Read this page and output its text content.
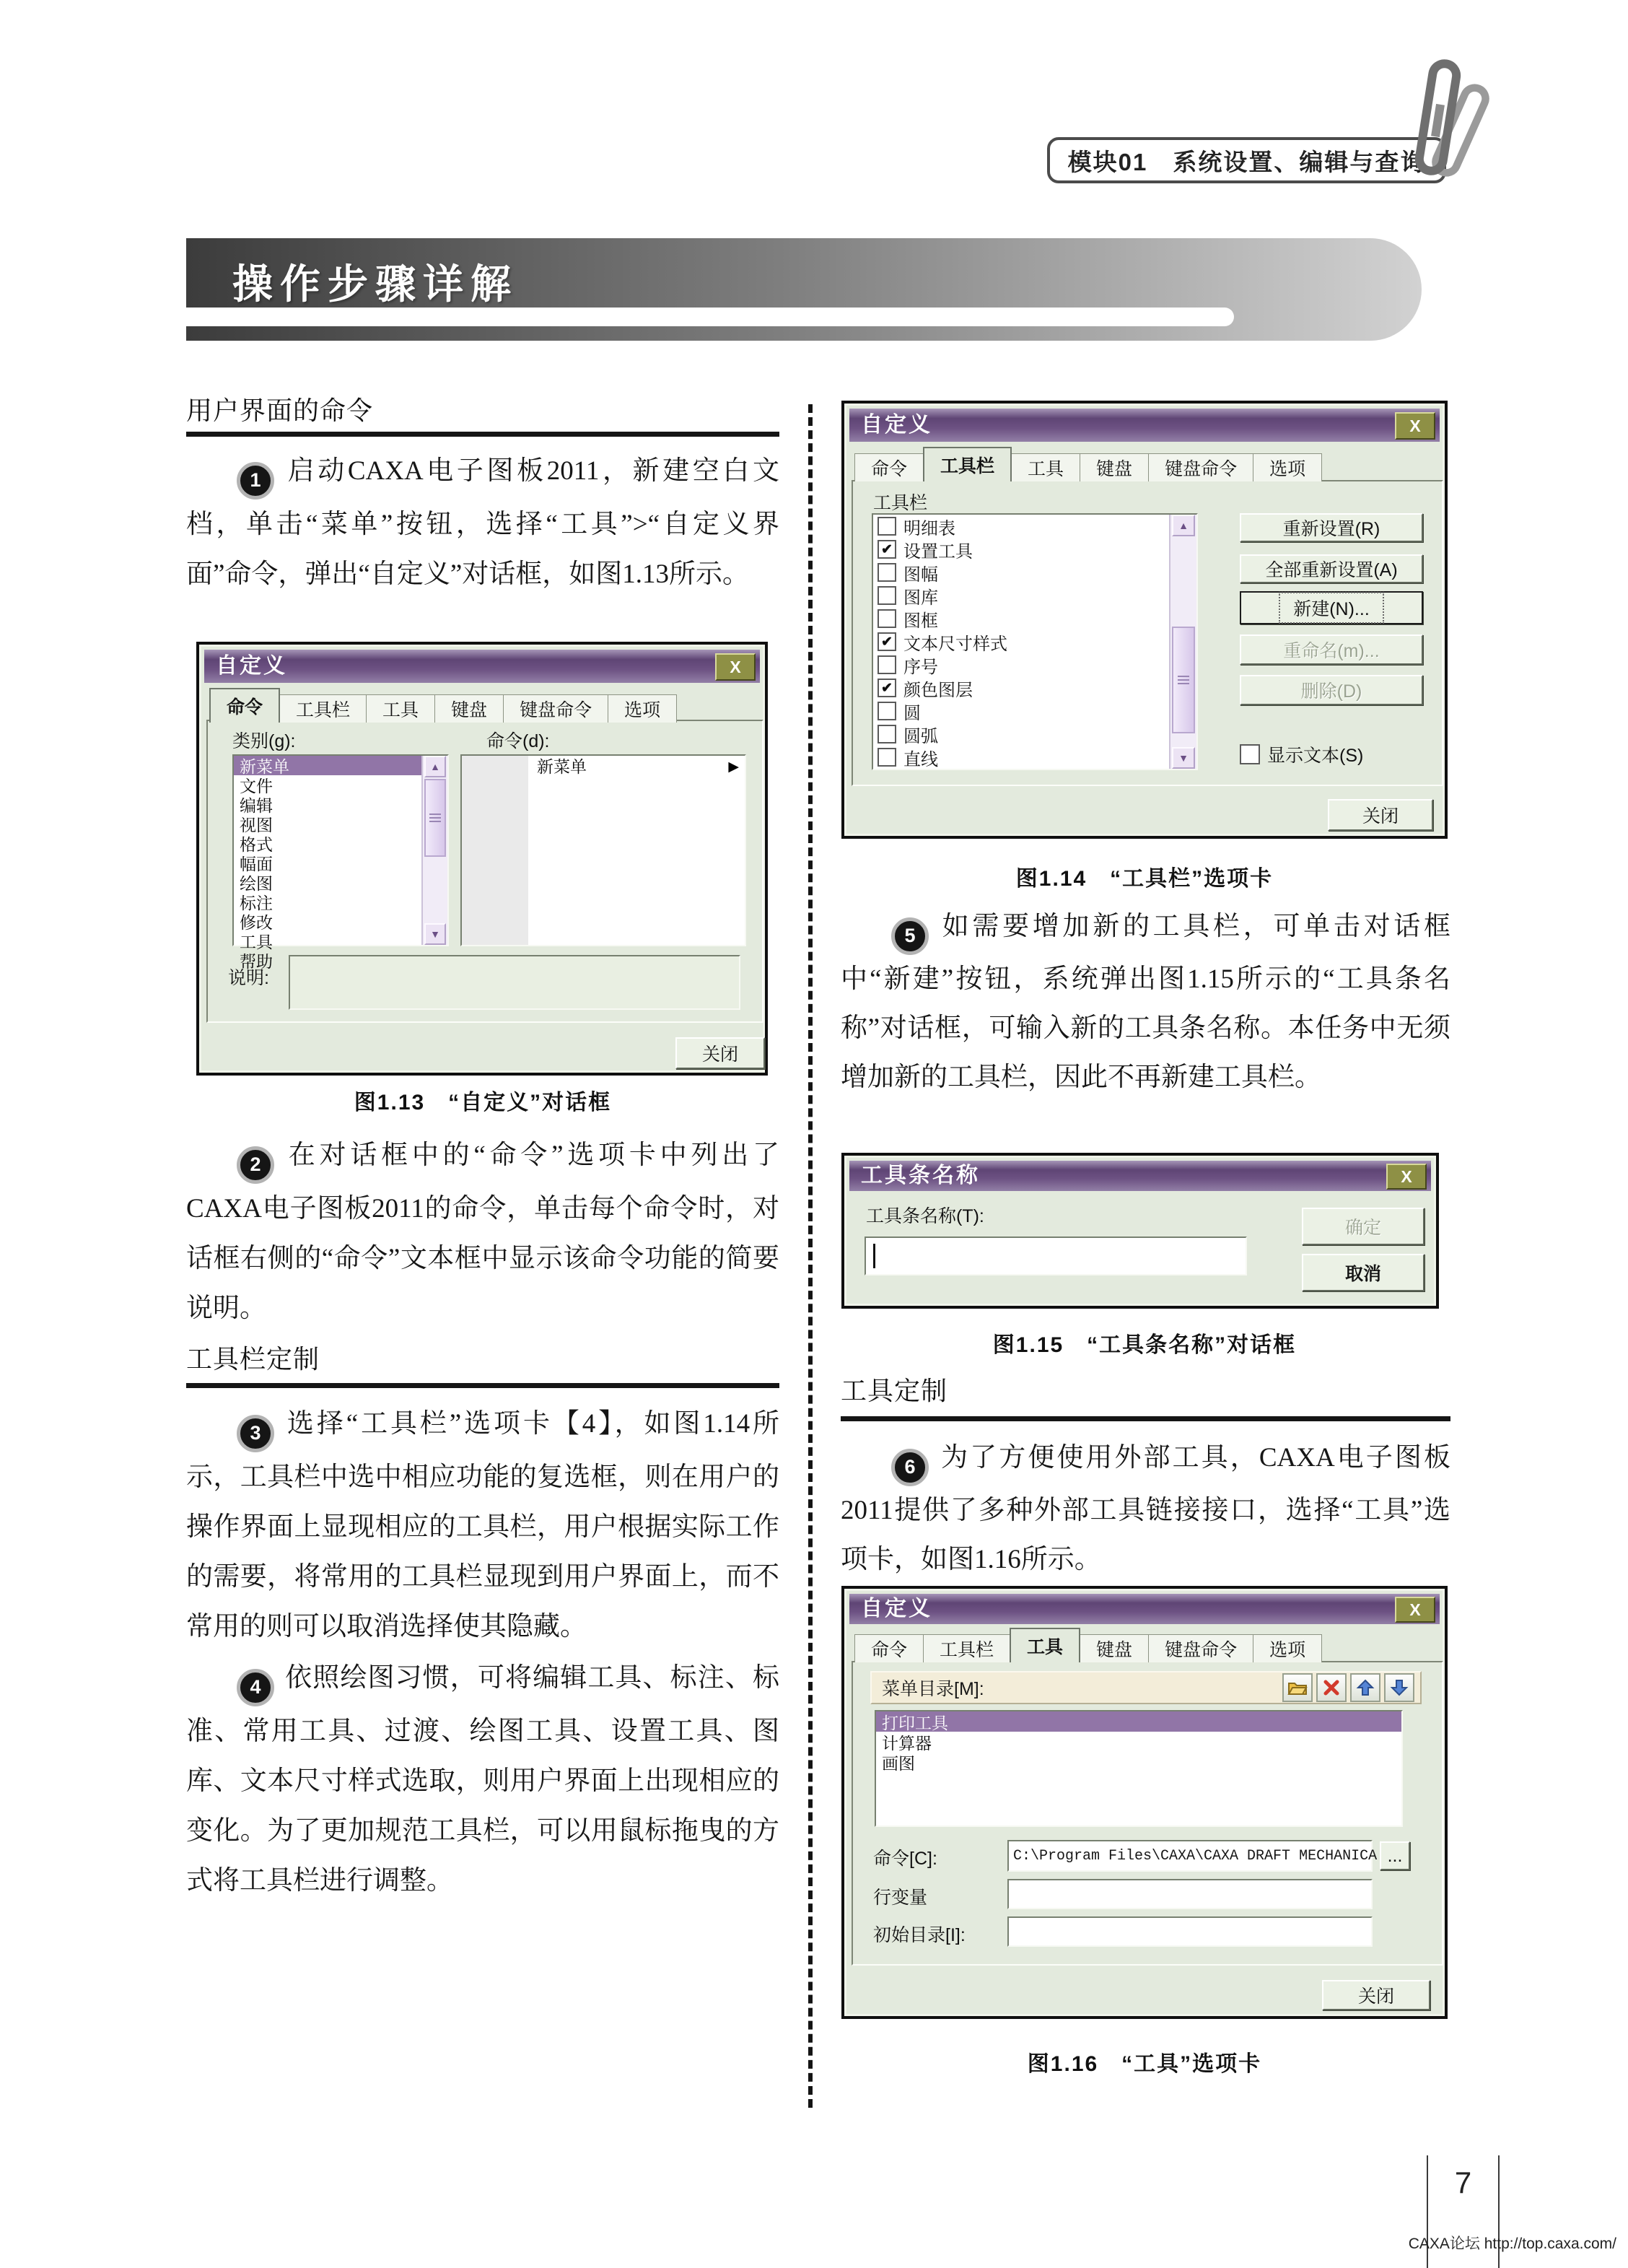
模块01　系统设置、编辑与查询
操作步骤详解
用户界面的命令

1 启动CAXA电子图板2011，新建空白文档，单击“菜单”按钮，选择“工具”>“自定义界面”命令，弹出“自定义”对话框，如图1.13所示。

自定义	X
命令	工具栏	工具	键盘	键盘命令	选项
类别(g):	命令(d):
新菜单
文件
编辑
视图
格式
幅面
绘图
标注
修改
工具
帮助
▲
▼
新菜单	▶
说明:
关闭
图1.13　“自定义”对话框

2 在对话框中的“命令”选项卡中列出了CAXA电子图板2011的命令，单击每个命令时，对话框右侧的“命令”文本框中显示该命令功能的简要说明。

工具栏定制

3 选择“工具栏”选项卡【4】，如图1.14所示，工具栏中选中相应功能的复选框，则在用户的操作界面上显现相应的工具栏，用户根据实际工作的需要，将常用的工具栏显现到用户界面上，而不常用的则可以取消选择使其隐藏。

4 依照绘图习惯，可将编辑工具、标注、标准、常用工具、过渡、绘图工具、设置工具、图库、文本尺寸样式选取，则用户界面上出现相应的变化。为了更加规范工具栏，可以用鼠标拖曳的方式将工具栏进行调整。

自定义	X
命令	工具栏	工具	键盘	键盘命令	选项
工具栏
明细表
✔ 设置工具
图幅
图库
图框
✔ 文本尺寸样式
序号
✔ 颜色图层
圆
圆弧
直线
▲
▼
重新设置(R)
全部重新设置(A)
新建(N)...
重命名(m)...
删除(D)
显示文本(S)
关闭
图1.14　“工具栏”选项卡

5 如需要增加新的工具栏，可单击对话框中“新建”按钮，系统弹出图1.15所示的“工具条名称”对话框，可输入新的工具条名称。本任务中无须增加新的工具栏，因此不再新建工具栏。

工具条名称	X
工具条名称(T):
确定
取消
图1.15　“工具条名称”对话框
工具定制

6 为了方便使用外部工具，CAXA电子图板2011提供了多种外部工具链接接口，选择“工具”选项卡，如图1.16所示。

自定义	X
命令	工具栏	工具	键盘	键盘命令	选项
菜单目录[M]:
打印工具
计算器
画图
命令[C]:	C:\Program Files\CAXA\CAXA DRAFT MECHANICA ...
行变量
初始目录[I]:
关闭
图1.16　“工具”选项卡
7
CAXA论坛 http://top.caxa.com/
